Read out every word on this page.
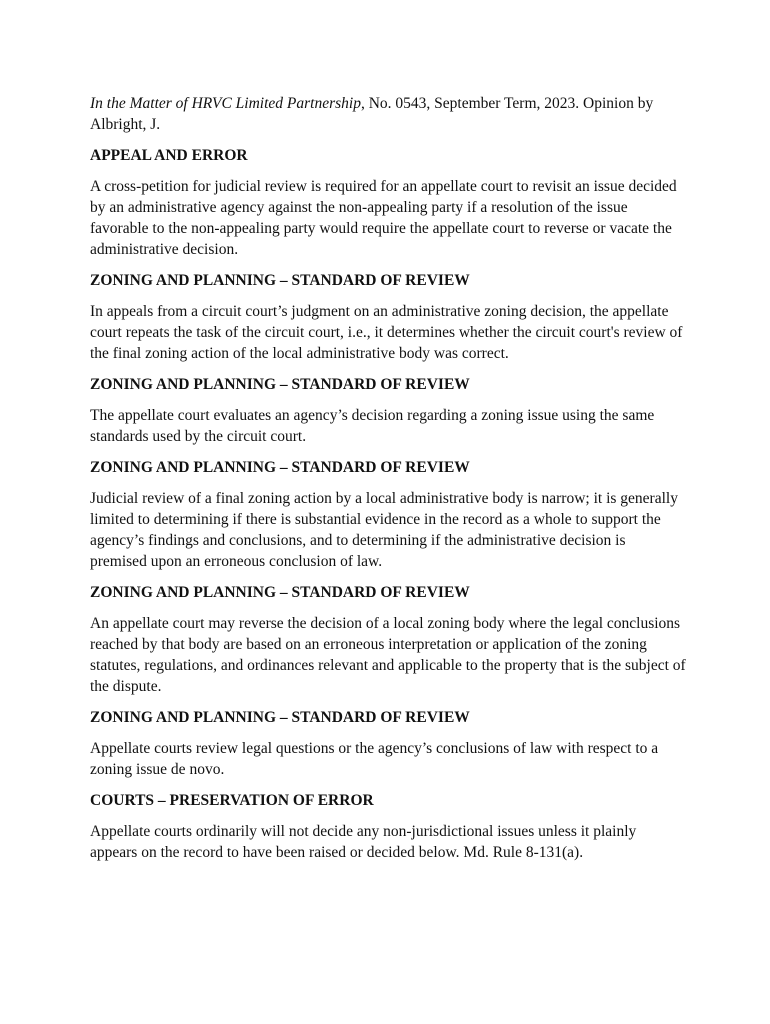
In the Matter of HRVC Limited Partnership, No. 0543, September Term, 2023. Opinion by Albright, J.

APPEAL AND ERROR

A cross-petition for judicial review is required for an appellate court to revisit an issue decided by an administrative agency against the non-appealing party if a resolution of the issue favorable to the non-appealing party would require the appellate court to reverse or vacate the administrative decision.

ZONING AND PLANNING – STANDARD OF REVIEW

In appeals from a circuit court’s judgment on an administrative zoning decision, the appellate court repeats the task of the circuit court, i.e., it determines whether the circuit court's review of the final zoning action of the local administrative body was correct.

ZONING AND PLANNING – STANDARD OF REVIEW

The appellate court evaluates an agency’s decision regarding a zoning issue using the same standards used by the circuit court.

ZONING AND PLANNING – STANDARD OF REVIEW

Judicial review of a final zoning action by a local administrative body is narrow; it is generally limited to determining if there is substantial evidence in the record as a whole to support the agency’s findings and conclusions, and to determining if the administrative decision is premised upon an erroneous conclusion of law.

ZONING AND PLANNING – STANDARD OF REVIEW

An appellate court may reverse the decision of a local zoning body where the legal conclusions reached by that body are based on an erroneous interpretation or application of the zoning statutes, regulations, and ordinances relevant and applicable to the property that is the subject of the dispute.

ZONING AND PLANNING – STANDARD OF REVIEW

Appellate courts review legal questions or the agency’s conclusions of law with respect to a zoning issue de novo.

COURTS – PRESERVATION OF ERROR

Appellate courts ordinarily will not decide any non-jurisdictional issues unless it plainly appears on the record to have been raised or decided below. Md. Rule 8-131(a).
